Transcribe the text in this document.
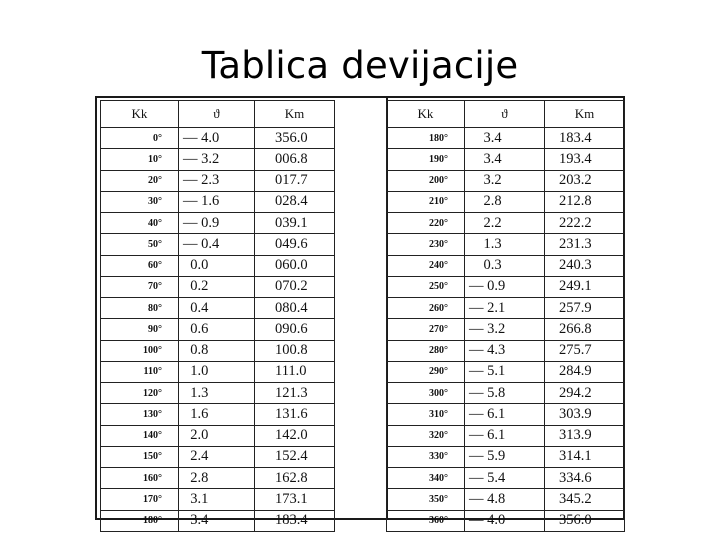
Tablica devijacije
Kk	ϑ	Km
0°	— 4.0	356.0
10°	— 3.2	006.8
20°	— 2.3	017.7
30°	— 1.6	028.4
40°	— 0.9	039.1
50°	— 0.4	049.6
60°	0.0	060.0
70°	0.2	070.2
80°	0.4	080.4
90°	0.6	090.6
100°	0.8	100.8
110°	1.0	111.0
120°	1.3	121.3
130°	1.6	131.6
140°	2.0	142.0
150°	2.4	152.4
160°	2.8	162.8
170°	3.1	173.1
180°	3.4	183.4
Kk	ϑ	Km
180°	3.4	183.4
190°	3.4	193.4
200°	3.2	203.2
210°	2.8	212.8
220°	2.2	222.2
230°	1.3	231.3
240°	0.3	240.3
250°	— 0.9	249.1
260°	— 2.1	257.9
270°	— 3.2	266.8
280°	— 4.3	275.7
290°	— 5.1	284.9
300°	— 5.8	294.2
310°	— 6.1	303.9
320°	— 6.1	313.9
330°	— 5.9	314.1
340°	— 5.4	334.6
350°	— 4.8	345.2
360°	— 4.0	356.0
